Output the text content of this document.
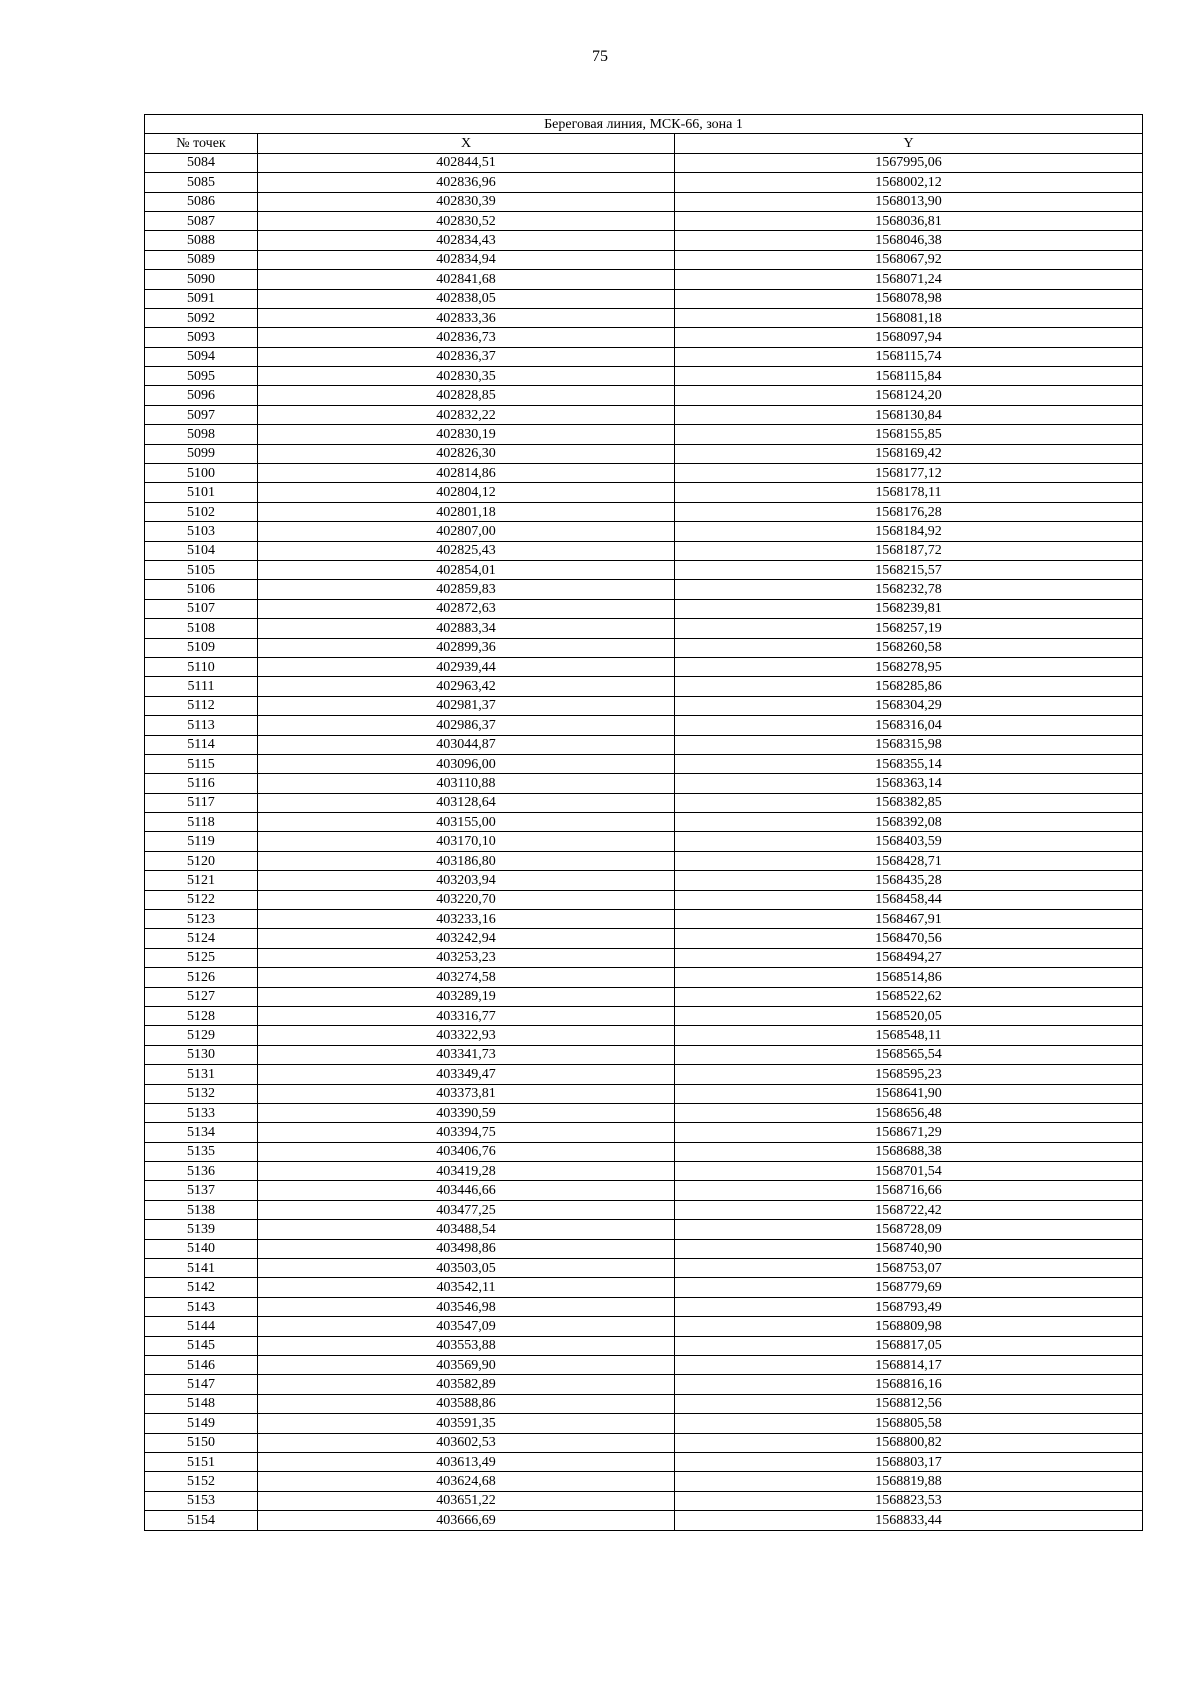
75
Береговая линия, МСК-66, зона 1		
№ точек	X	Y
5084	402844,51	1567995,06
5085	402836,96	1568002,12
5086	402830,39	1568013,90
5087	402830,52	1568036,81
5088	402834,43	1568046,38
5089	402834,94	1568067,92
5090	402841,68	1568071,24
5091	402838,05	1568078,98
5092	402833,36	1568081,18
5093	402836,73	1568097,94
5094	402836,37	1568115,74
5095	402830,35	1568115,84
5096	402828,85	1568124,20
5097	402832,22	1568130,84
5098	402830,19	1568155,85
5099	402826,30	1568169,42
5100	402814,86	1568177,12
5101	402804,12	1568178,11
5102	402801,18	1568176,28
5103	402807,00	1568184,92
5104	402825,43	1568187,72
5105	402854,01	1568215,57
5106	402859,83	1568232,78
5107	402872,63	1568239,81
5108	402883,34	1568257,19
5109	402899,36	1568260,58
5110	402939,44	1568278,95
5111	402963,42	1568285,86
5112	402981,37	1568304,29
5113	402986,37	1568316,04
5114	403044,87	1568315,98
5115	403096,00	1568355,14
5116	403110,88	1568363,14
5117	403128,64	1568382,85
5118	403155,00	1568392,08
5119	403170,10	1568403,59
5120	403186,80	1568428,71
5121	403203,94	1568435,28
5122	403220,70	1568458,44
5123	403233,16	1568467,91
5124	403242,94	1568470,56
5125	403253,23	1568494,27
5126	403274,58	1568514,86
5127	403289,19	1568522,62
5128	403316,77	1568520,05
5129	403322,93	1568548,11
5130	403341,73	1568565,54
5131	403349,47	1568595,23
5132	403373,81	1568641,90
5133	403390,59	1568656,48
5134	403394,75	1568671,29
5135	403406,76	1568688,38
5136	403419,28	1568701,54
5137	403446,66	1568716,66
5138	403477,25	1568722,42
5139	403488,54	1568728,09
5140	403498,86	1568740,90
5141	403503,05	1568753,07
5142	403542,11	1568779,69
5143	403546,98	1568793,49
5144	403547,09	1568809,98
5145	403553,88	1568817,05
5146	403569,90	1568814,17
5147	403582,89	1568816,16
5148	403588,86	1568812,56
5149	403591,35	1568805,58
5150	403602,53	1568800,82
5151	403613,49	1568803,17
5152	403624,68	1568819,88
5153	403651,22	1568823,53
5154	403666,69	1568833,44
